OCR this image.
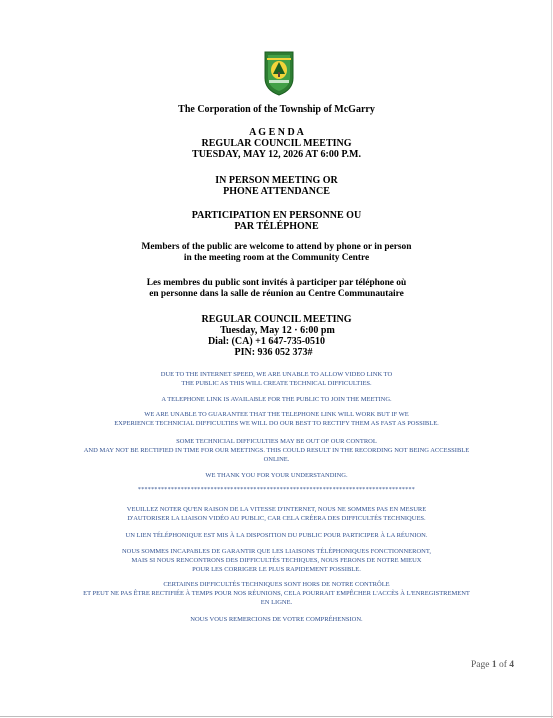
The Corporation of the Township of McGarry
A G E N D A
REGULAR COUNCIL MEETING
TUESDAY, MAY 12, 2026 AT 6:00 P.M.
IN PERSON MEETING OR
PHONE ATTENDANCE
PARTICIPATION EN PERSONNE OU
PAR TÉLÉPHONE
Members of the public are welcome to attend by phone or in person
in the meeting room at the Community Centre
Les membres du public sont invités à participer par téléphone où
en personne dans la salle de réunion au Centre Communautaire
REGULAR COUNCIL MEETING
Tuesday, May 12 · 6:00 pm
Dial: (CA) +1 647-735-0510
PIN: 936 052 373#
DUE TO THE INTERNET SPEED, WE ARE UNABLE TO ALLOW VIDEO LINK TO
THE PUBLIC AS THIS WILL CREATE TECHNICAL DIFFICULTIES.
A TELEPHONE LINK IS AVAILABLE FOR THE PUBLIC TO JOIN THE MEETING.
WE ARE UNABLE TO GUARANTEE THAT THE TELEPHONE LINK WILL WORK BUT IF WE
EXPERIENCE TECHNICIAL DIFFICULTIES WE WILL DO OUR BEST TO RECTIFY THEM AS FAST AS POSSIBLE.
SOME TECHNICIAL DIFFICULTIES MAY BE OUT OF OUR CONTROL
AND MAY NOT BE RECTIFIED IN TIME FOR OUR MEETINGS. THIS COULD RESULT IN THE RECORDING NOT BEING ACCESSIBLE
ONLINE.
WE THANK YOU FOR YOUR UNDERSTANDING.
************************************************************************************
VEUILLEZ NOTER QU'EN RAISON DE LA VITESSE D'INTERNET, NOUS NE SOMMES PAS EN MESURE
D'AUTORISER LA LIAISON VIDÉO AU PUBLIC, CAR CELA CRÉERA DES DIFFICULTÉS TECHNIQUES.
UN LIEN TÉLÉPHONIQUE EST MIS À LA DISPOSITION DU PUBLIC POUR PARTICIPER À LA RÉUNION.
NOUS SOMMES INCAPABLES DE GARANTIR QUE LES LIAISONS TÉLÉPHONIQUES FONCTIONNERONT,
MAIS SI NOUS RENCONTRONS DES DIFFICULTÉS TECHIQUES, NOUS FERONS DE NOTRE MIEUX
POUR LES CORRIGER LE PLUS RAPIDEMENT POSSIBLE.
CERTAINES DIFFICULTÉS TECHNIQUES SONT HORS DE NOTRE CONTRÔLE
ET PEUT NE PAS ÊTRE RECTIFIÉE À TEMPS POUR NOS RÉUNIONS, CELA POURRAIT EMPÊCHER L'ACCÈS À L'ENREGISTREMENT
EN LIGNE.
NOUS VOUS REMERCIONS DE VOTRE COMPRÉHENSION.
Page 1 of 4
